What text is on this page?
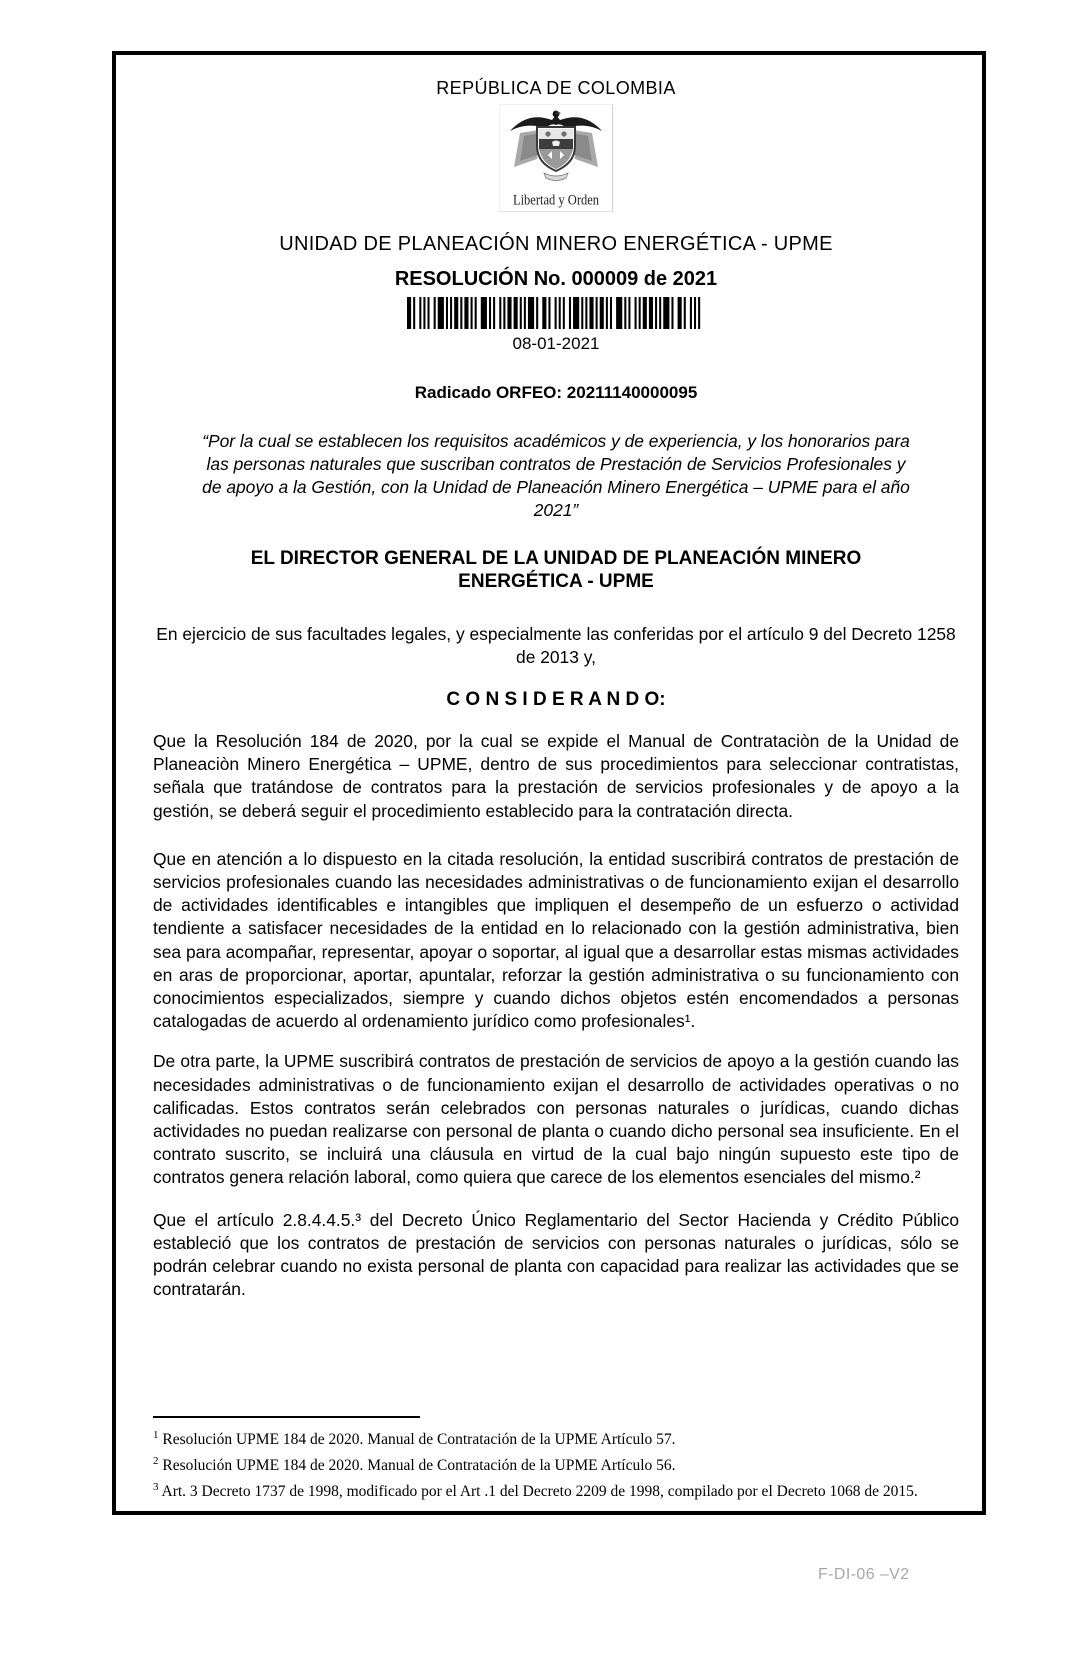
REPÚBLICA DE COLOMBIA
Libertad y Orden
UNIDAD DE PLANEACIÓN MINERO ENERGÉTICA - UPME
RESOLUCIÓN No. 000009 de 2021
08-01-2021
Radicado ORFEO: 20211140000095
“Por la cual se establecen los requisitos académicos y de experiencia, y los honorarios para las personas naturales que suscriban contratos de Prestación de Servicios Profesionales y de apoyo a la Gestión, con la Unidad de Planeación Minero Energética – UPME para el año 2021”
EL DIRECTOR GENERAL DE LA UNIDAD DE PLANEACIÓN MINERO ENERGÉTICA - UPME
En ejercicio de sus facultades legales, y especialmente las conferidas por el artículo 9 del Decreto 1258 de 2013 y,
C O N S I D E R A N D O:

Que la Resolución 184 de 2020, por la cual se expide el Manual de Contrataciòn de la Unidad de Planeaciòn Minero Energética – UPME, dentro de sus procedimientos para seleccionar contratistas, señala que tratándose de contratos para la prestación de servicios profesionales y de apoyo a la gestión, se deberá seguir el procedimiento establecido para la contratación directa.

Que en atención a lo dispuesto en la citada resolución, la entidad suscribirá contratos de prestación de servicios profesionales cuando las necesidades administrativas o de funcionamiento exijan el desarrollo de actividades identificables e intangibles que impliquen el desempeño de un esfuerzo o actividad tendiente a satisfacer necesidades de la entidad en lo relacionado con la gestión administrativa, bien sea para acompañar, representar, apoyar o soportar, al igual que a desarrollar estas mismas actividades en aras de proporcionar, aportar, apuntalar, reforzar la gestión administrativa o su funcionamiento con conocimientos especializados, siempre y cuando dichos objetos estén encomendados a personas catalogadas de acuerdo al ordenamiento jurídico como profesionales¹.

De otra parte, la UPME suscribirá contratos de prestación de servicios de apoyo a la gestión cuando las necesidades administrativas o de funcionamiento exijan el desarrollo de actividades operativas o no calificadas. Estos contratos serán celebrados con personas naturales o jurídicas, cuando dichas actividades no puedan realizarse con personal de planta o cuando dicho personal sea insuficiente. En el contrato suscrito, se incluirá una cláusula en virtud de la cual bajo ningún supuesto este tipo de contratos genera relación laboral, como quiera que carece de los elementos esenciales del mismo.²

Que el artículo 2.8.4.4.5.³ del Decreto Único Reglamentario del Sector Hacienda y Crédito Público estableció que los contratos de prestación de servicios con personas naturales o jurídicas, sólo se podrán celebrar cuando no exista personal de planta con capacidad para realizar las actividades que se contratarán.

$^1$ Resolución UPME 184 de 2020. Manual de Contratación de la UPME Artículo 57.
$^2$ Resolución UPME 184 de 2020. Manual de Contratación de la UPME Artículo 56.
$^3$ Art. 3 Decreto 1737 de 1998, modificado por el Art .1 del Decreto 2209 de 1998, compilado por el Decreto 1068 de 2015.
F-DI-06 –V2
